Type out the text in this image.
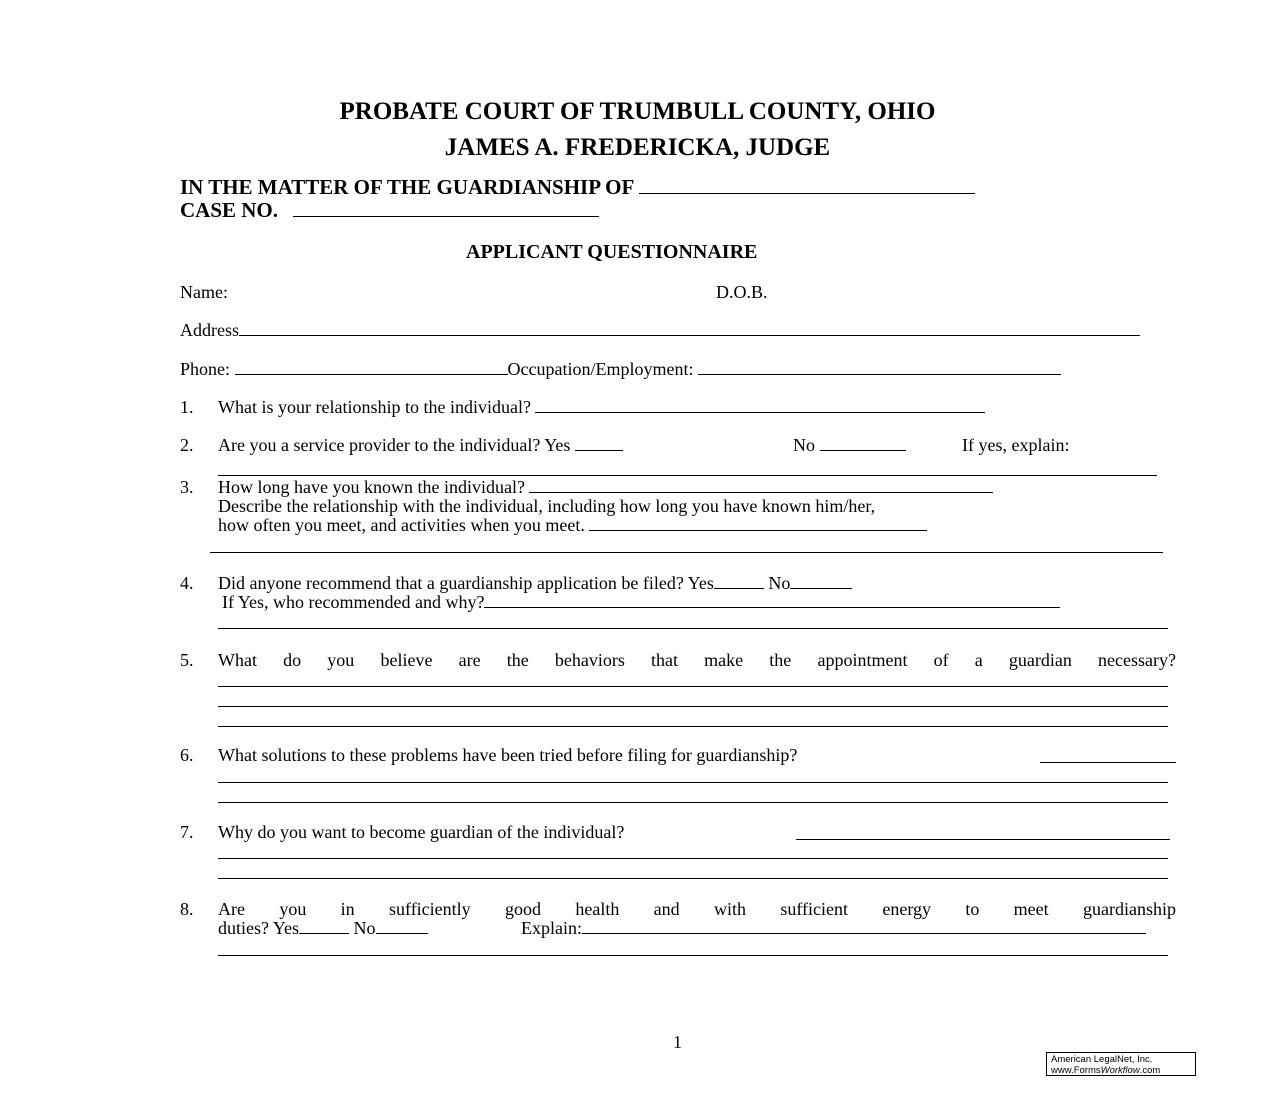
PROBATE COURT OF TRUMBULL COUNTY, OHIO
JAMES A. FREDERICKA, JUDGE
IN THE MATTER OF THE GUARDIANSHIP OF
CASE NO.
APPLICANT QUESTIONNAIRE
Name:	D.O.B.
Address
Phone:	Occupation/Employment:
1. What is your relationship to the individual?
2. Are you a service provider to the individual? Yes	No	If yes, explain:
3. How long have you known the individual?
Describe the relationship with the individual, including how long you have known him/her,
how often you meet, and activities when you meet.
4. Did anyone recommend that a guardianship application be filed? Yes	No
If Yes, who recommended and why?
5. What do you believe are the behaviors that make the appointment of a guardian necessary?
6. What solutions to these problems have been tried before filing for guardianship?
7. Why do you want to become guardian of the individual?
8. Are you in sufficiently good health and with sufficient energy to meet guardianship
duties? Yes	No	Explain:
1
American LegalNet, Inc.
www.FormsWorkflow.com
